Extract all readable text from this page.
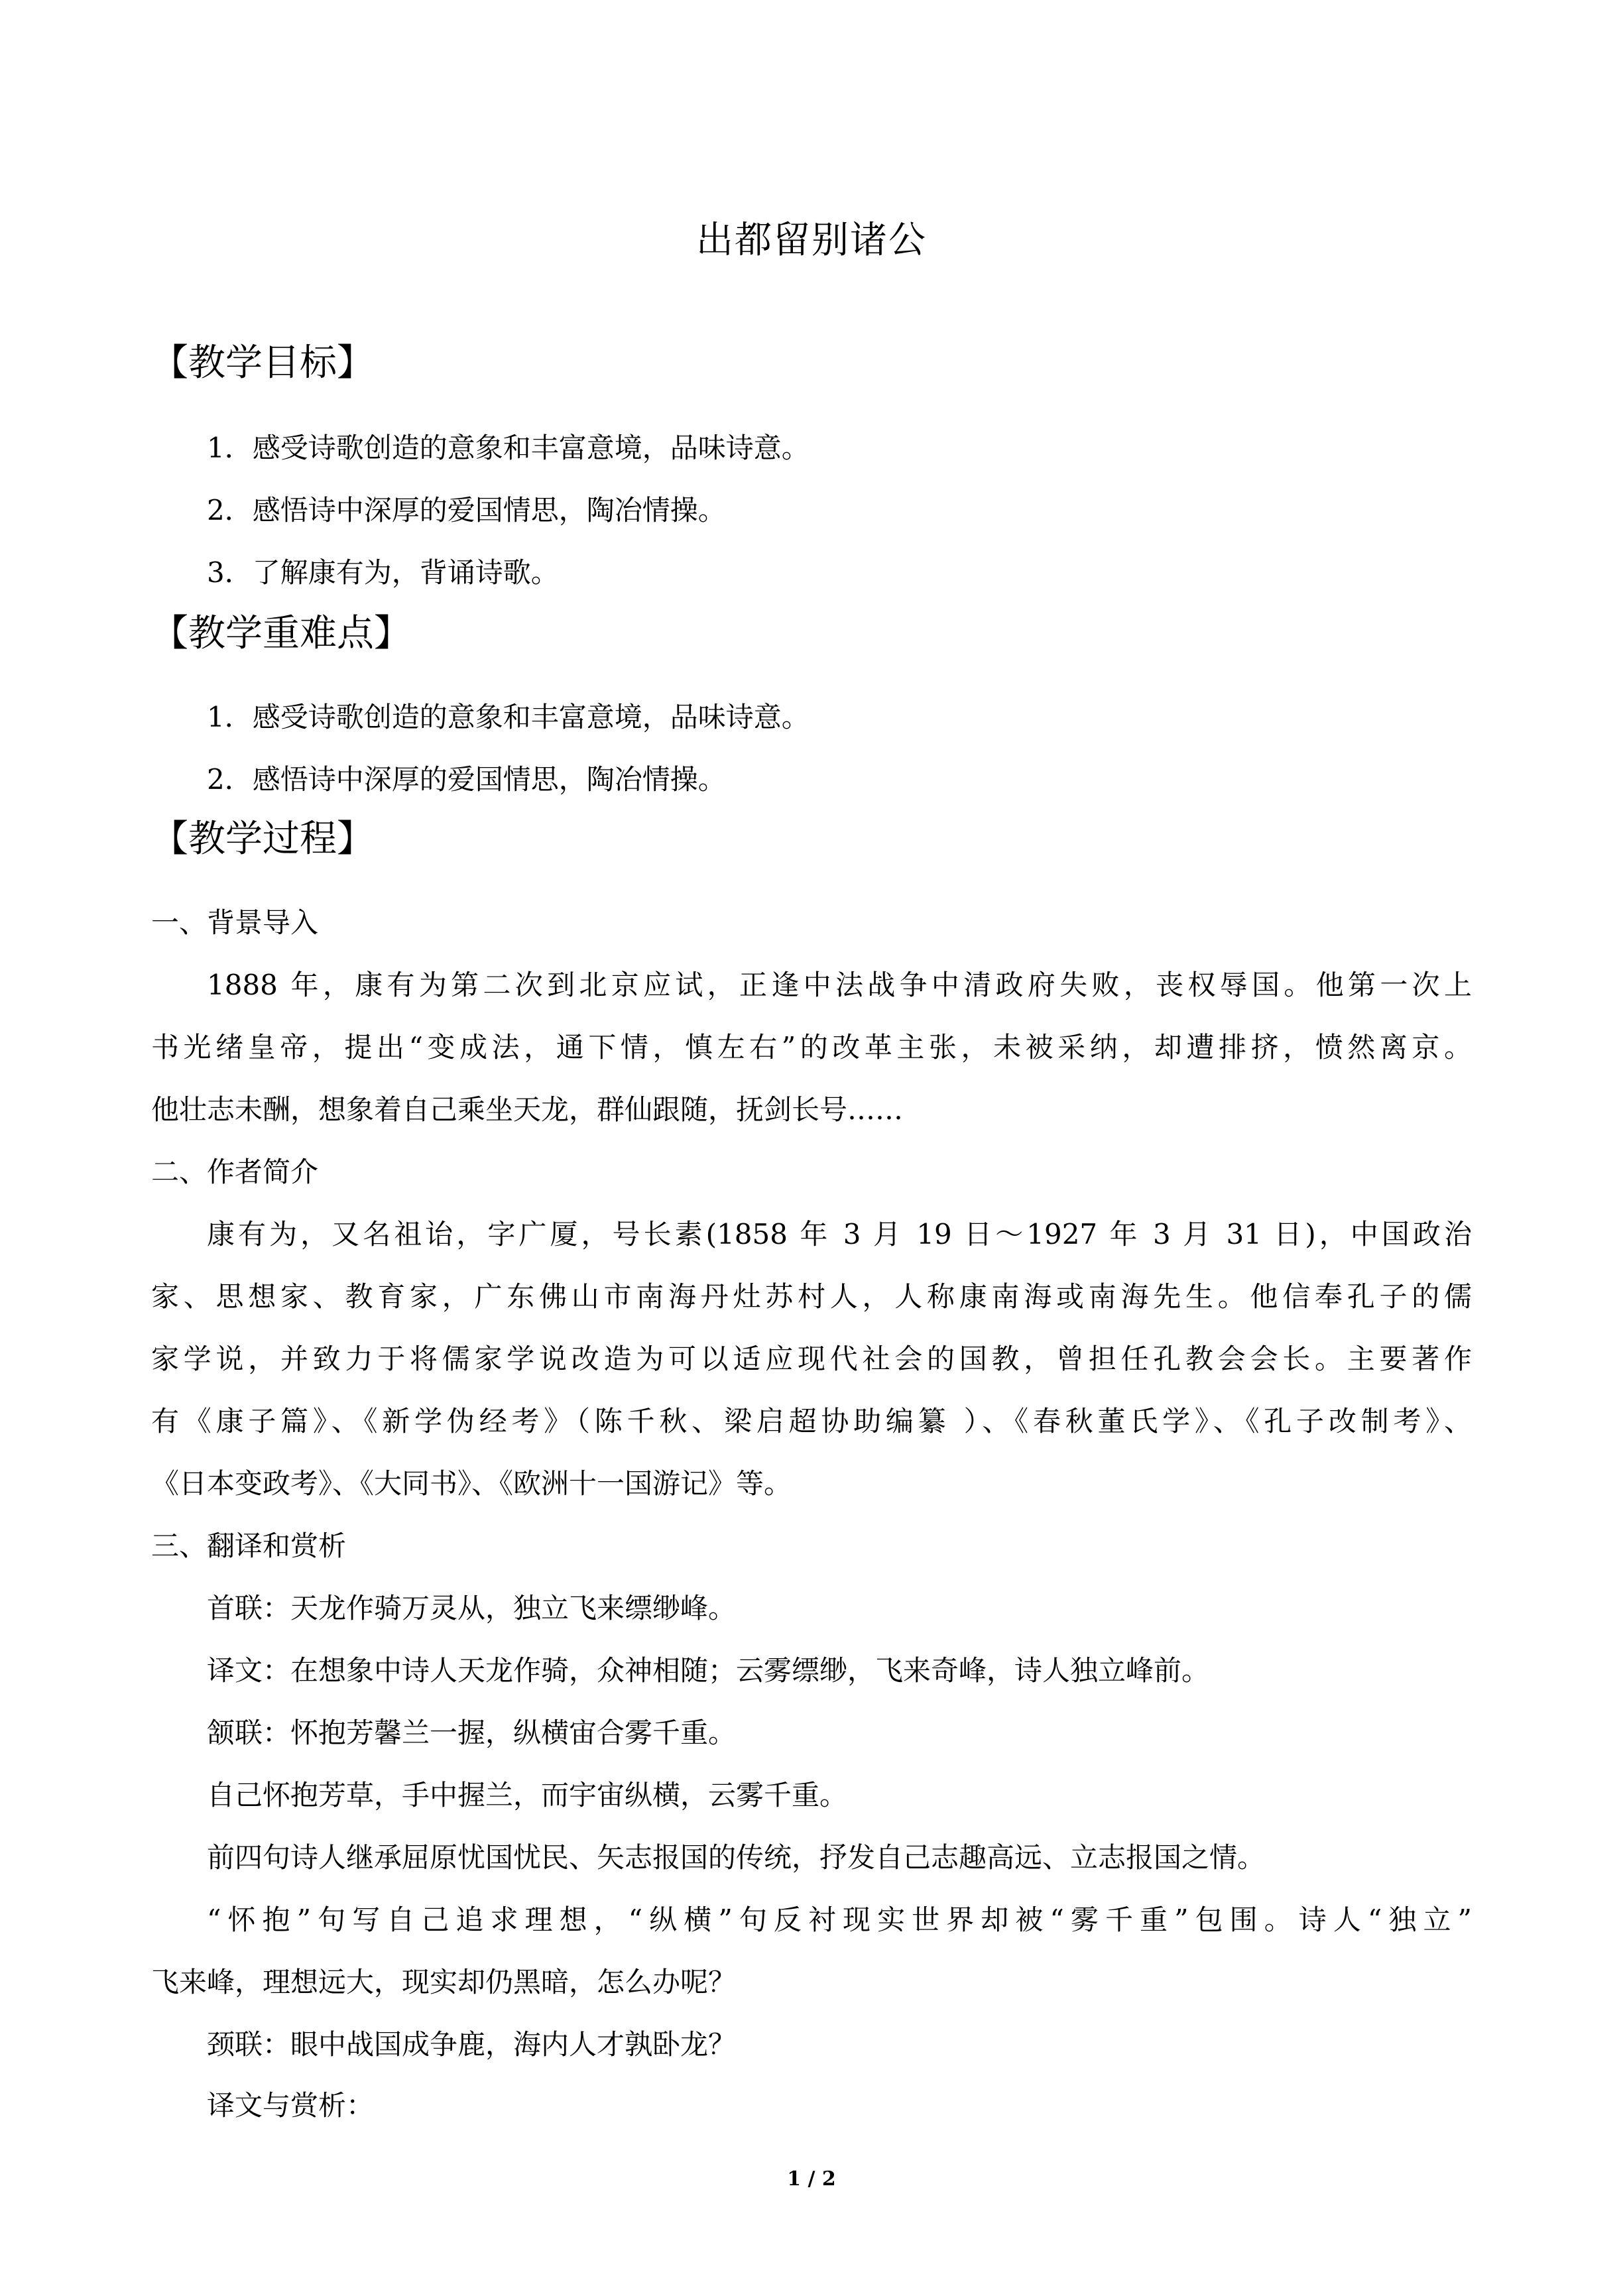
出都留别诸公
【教学目标】
1．感受诗歌创造的意象和丰富意境，品味诗意。
2．感悟诗中深厚的爱国情思，陶冶情操。
3．了解康有为，背诵诗歌。
【教学重难点】
1．感受诗歌创造的意象和丰富意境，品味诗意。
2．感悟诗中深厚的爱国情思，陶冶情操。
【教学过程】
一、背景导入
1888 年，康有为第二次到北京应试，正逢中法战争中清政府失败，丧权辱国。他第一次上
书光绪皇帝，提出“变成法，通下情，慎左右”的改革主张，未被采纳，却遭排挤，愤然离京。
他壮志未酬，想象着自己乘坐天龙，群仙跟随，抚剑长号……
二、作者简介
康有为，又名祖诒，字广厦，号长素(1858 年 3 月 19 日～1927 年 3 月 31 日)，中国政治
家、思想家、教育家，广东佛山市南海丹灶苏村人，人称康南海或南海先生。他信奉孔子的儒
家学说，并致力于将儒家学说改造为可以适应现代社会的国教，曾担任孔教会会长。主要著作
有《康子篇》、《新学伪经考》（陈千秋、梁启超协助编纂 ）、《春秋董氏学》、《孔子改制考》、
《日本变政考》、《大同书》、《欧洲十一国游记》等。
三、翻译和赏析
首联：天龙作骑万灵从，独立飞来缥缈峰。
译文：在想象中诗人天龙作骑，众神相随；云雾缥缈，飞来奇峰，诗人独立峰前。
颔联：怀抱芳馨兰一握，纵横宙合雾千重。
自己怀抱芳草，手中握兰，而宇宙纵横，云雾千重。
前四句诗人继承屈原忧国忧民、矢志报国的传统，抒发自己志趣高远、立志报国之情。
“怀抱”句写自己追求理想，“纵横”句反衬现实世界却被“雾千重”包围。诗人“独立”
飞来峰，理想远大，现实却仍黑暗，怎么办呢？
颈联：眼中战国成争鹿，海内人才孰卧龙？
译文与赏析：
1 / 2
